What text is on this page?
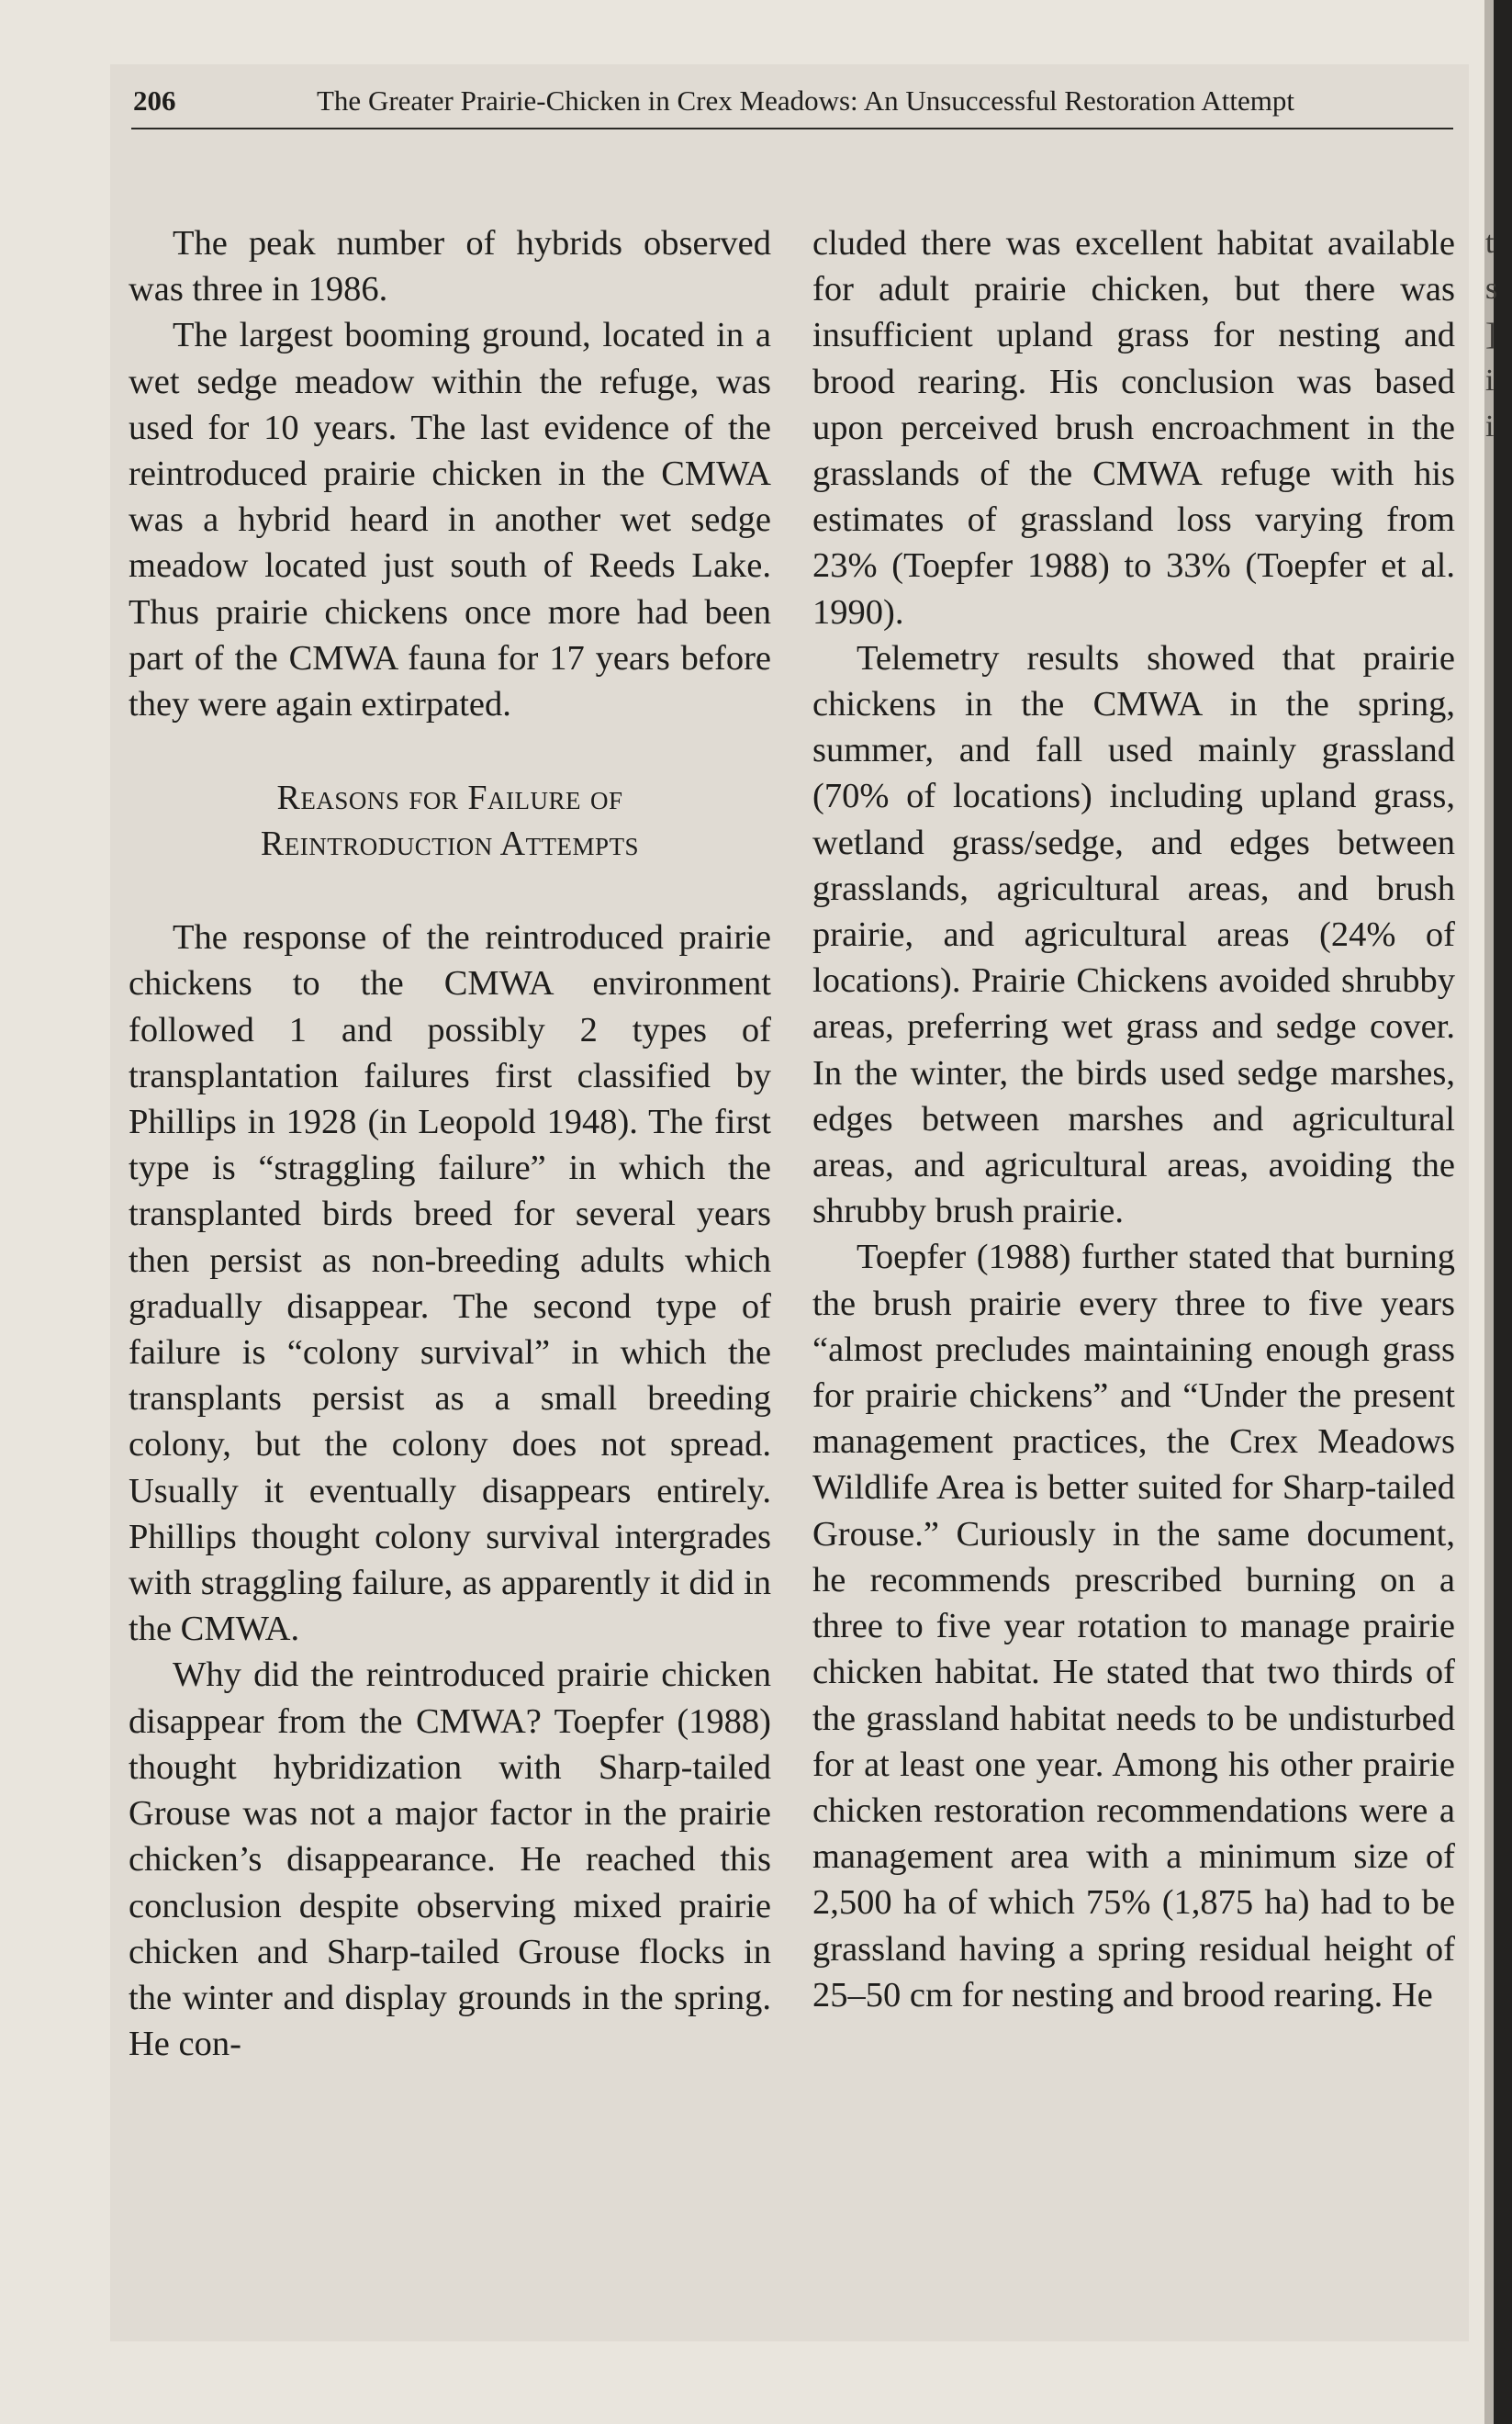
206	The Greater Prairie-Chicken in Crex Meadows: An Unsuccessful Restoration Attempt

The peak number of hybrids observed was three in 1986.

The largest booming ground, located in a wet sedge meadow within the refuge, was used for 10 years. The last evidence of the reintroduced prairie chicken in the CMWA was a hybrid heard in another wet sedge meadow located just south of Reeds Lake. Thus prairie chickens once more had been part of the CMWA fauna for 17 years before they were again extirpated.

Reasons for Failure of
Reintroduction Attempts

The response of the reintroduced prairie chickens to the CMWA environment followed 1 and possibly 2 types of transplantation failures first classified by Phillips in 1928 (in Leopold 1948). The first type is “straggling failure” in which the transplanted birds breed for several years then persist as non-breeding adults which gradually disappear. The second type of failure is “colony survival” in which the transplants persist as a small breeding colony, but the colony does not spread. Usually it eventually disappears entirely. Phillips thought colony survival intergrades with straggling failure, as apparently it did in the CMWA.

Why did the reintroduced prairie chicken disappear from the CMWA? Toepfer (1988) thought hybridization with Sharp-tailed Grouse was not a major factor in the prairie chicken’s disappearance. He reached this conclusion despite observing mixed prairie chicken and Sharp-tailed Grouse flocks in the winter and display grounds in the spring. He con-

cluded there was excellent habitat available for adult prairie chicken, but there was insufficient upland grass for nesting and brood rearing. His conclusion was based upon perceived brush encroachment in the grasslands of the CMWA refuge with his estimates of grassland loss varying from 23% (Toepfer 1988) to 33% (Toepfer et al. 1990).

Telemetry results showed that prairie chickens in the CMWA in the spring, summer, and fall used mainly grassland (70% of locations) including upland grass, wetland grass/sedge, and edges between grasslands, agricultural areas, and brush prairie, and agricultural areas (24% of locations). Prairie Chickens avoided shrubby areas, preferring wet grass and sedge cover. In the winter, the birds used sedge marshes, edges between marshes and agricultural areas, and agricultural areas, avoiding the shrubby brush prairie.

Toepfer (1988) further stated that burning the brush prairie every three to five years “almost precludes maintaining enough grass for prairie chickens” and “Under the present management practices, the Crex Meadows Wildlife Area is better suited for Sharp-tailed Grouse.” Curiously in the same document, he recommends prescribed burning on a three to five year rotation to manage prairie chicken habitat. He stated that two thirds of the grassland habitat needs to be undisturbed for at least one year. Among his other prairie chicken restoration recommendations were a management area with a minimum size of 2,500 ha of which 75% (1,875 ha) had to be grassland having a spring residual height of 25–50 cm for nesting and brood rearing. He

t
s
]
i
i
